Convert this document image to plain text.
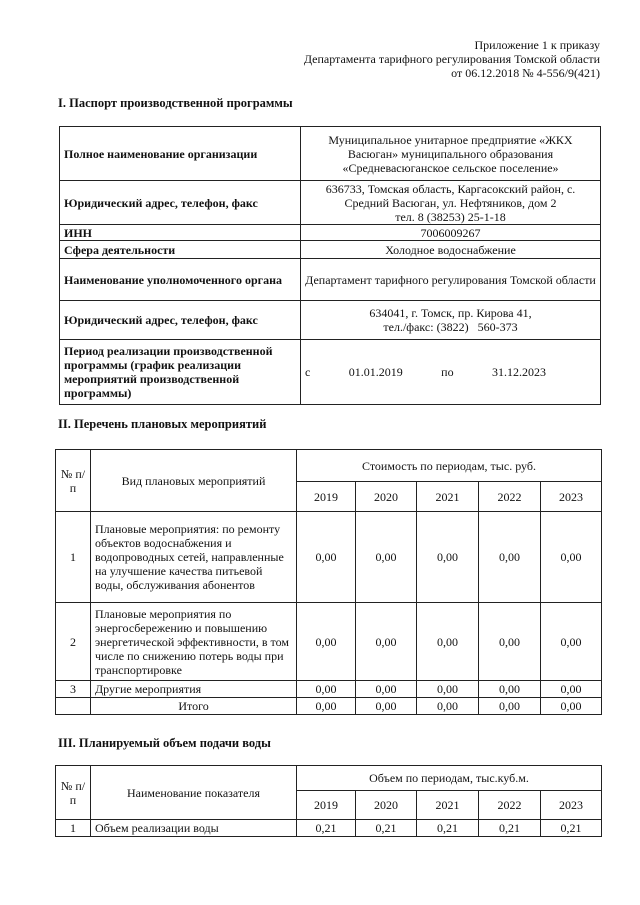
Приложение 1 к приказу
Департамента тарифного регулирования Томской области
от 06.12.2018 № 4-556/9(421)
I. Паспорт производственной программы
Полное наименование организации	Муниципальное унитарное предприятие «ЖКХ Васюган» муниципального образования «Средневасюганское сельское поселение»
Юридический адрес, телефон, факс	636733, Томская область, Каргасокский район, с. Средний Васюган, ул. Нефтяников, дом 2
тел. 8 (38253) 25-1-18

ИНН	7006009267
Сфера деятельности	Холодное водоснабжение
Наименование уполномоченного органа	Департамент тарифного регулирования Томской области
Юридический адрес, телефон, факс	634041, г. Томск, пр. Кирова 41,
тел./факс: (3822)   560-373

Период реализации производственной программы (график реализации мероприятий производственной программы)	с 01.01.2019 по 31.12.2023
II. Перечень плановых мероприятий
№ п/п	Вид плановых мероприятий	Стоимость по периодам, тыс. руб.				
		2019	2020	2021	2022	2023
1	Плановые мероприятия: по ремонту объектов водоснабжения и водопроводных сетей, направленные на улучшение качества питьевой воды, обслуживания абонентов	0,00	0,00	0,00	0,00	0,00
2	Плановые мероприятия по энергосбережению и повышению энергетической эффективности, в том числе по снижению потерь воды при транспортировке	0,00	0,00	0,00	0,00	0,00
3	Другие мероприятия	0,00	0,00	0,00	0,00	0,00
	Итого	0,00	0,00	0,00	0,00	0,00
III. Планируемый объем подачи воды
№ п/п	Наименование показателя	Объем по периодам, тыс.куб.м.				
		2019	2020	2021	2022	2023
1	Объем реализации воды	0,21	0,21	0,21	0,21	0,21
